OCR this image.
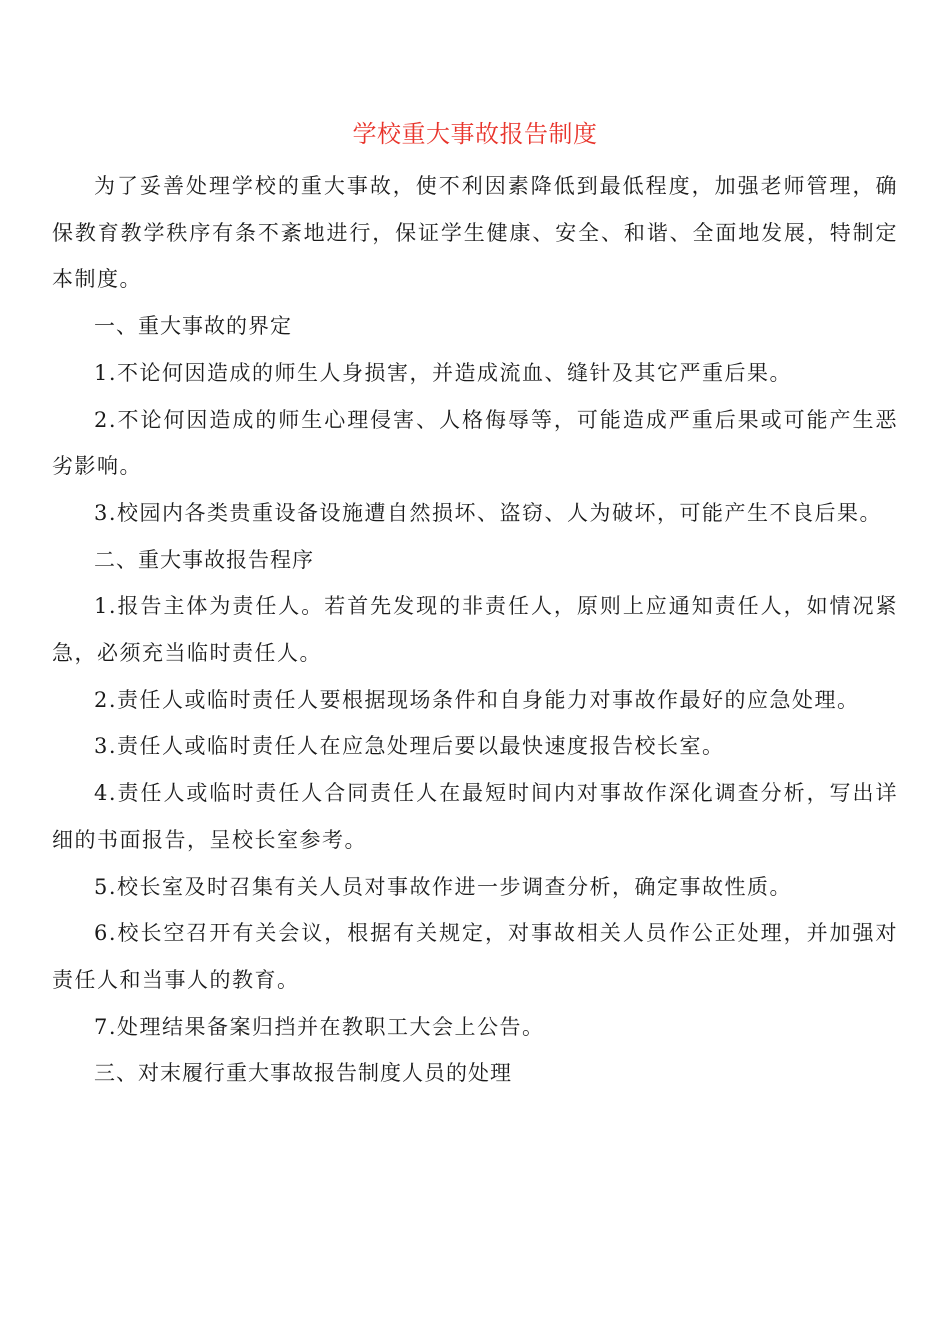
学校重大事故报告制度

为了妥善处理学校的重大事故，使不利因素降低到最低程度，加强老师管理，确保教育教学秩序有条不紊地进行，保证学生健康、安全、和谐、全面地发展，特制定本制度。

一、重大事故的界定

1.不论何因造成的师生人身损害，并造成流血、缝针及其它严重后果。

2.不论何因造成的师生心理侵害、人格侮辱等，可能造成严重后果或可能产生恶劣影响。

3.校园内各类贵重设备设施遭自然损坏、盗窃、人为破坏，可能产生不良后果。

二、重大事故报告程序

1.报告主体为责任人。若首先发现的非责任人，原则上应通知责任人，如情况紧急，必须充当临时责任人。

2.责任人或临时责任人要根据现场条件和自身能力对事故作最好的应急处理。

3.责任人或临时责任人在应急处理后要以最快速度报告校长室。

4.责任人或临时责任人合同责任人在最短时间内对事故作深化调查分析，写出详细的书面报告，呈校长室参考。

5.校长室及时召集有关人员对事故作进一步调查分析，确定事故性质。

6.校长空召开有关会议，根据有关规定，对事故相关人员作公正处理，并加强对责任人和当事人的教育。

7.处理结果备案归挡并在教职工大会上公告。

三、对末履行重大事故报告制度人员的处理
